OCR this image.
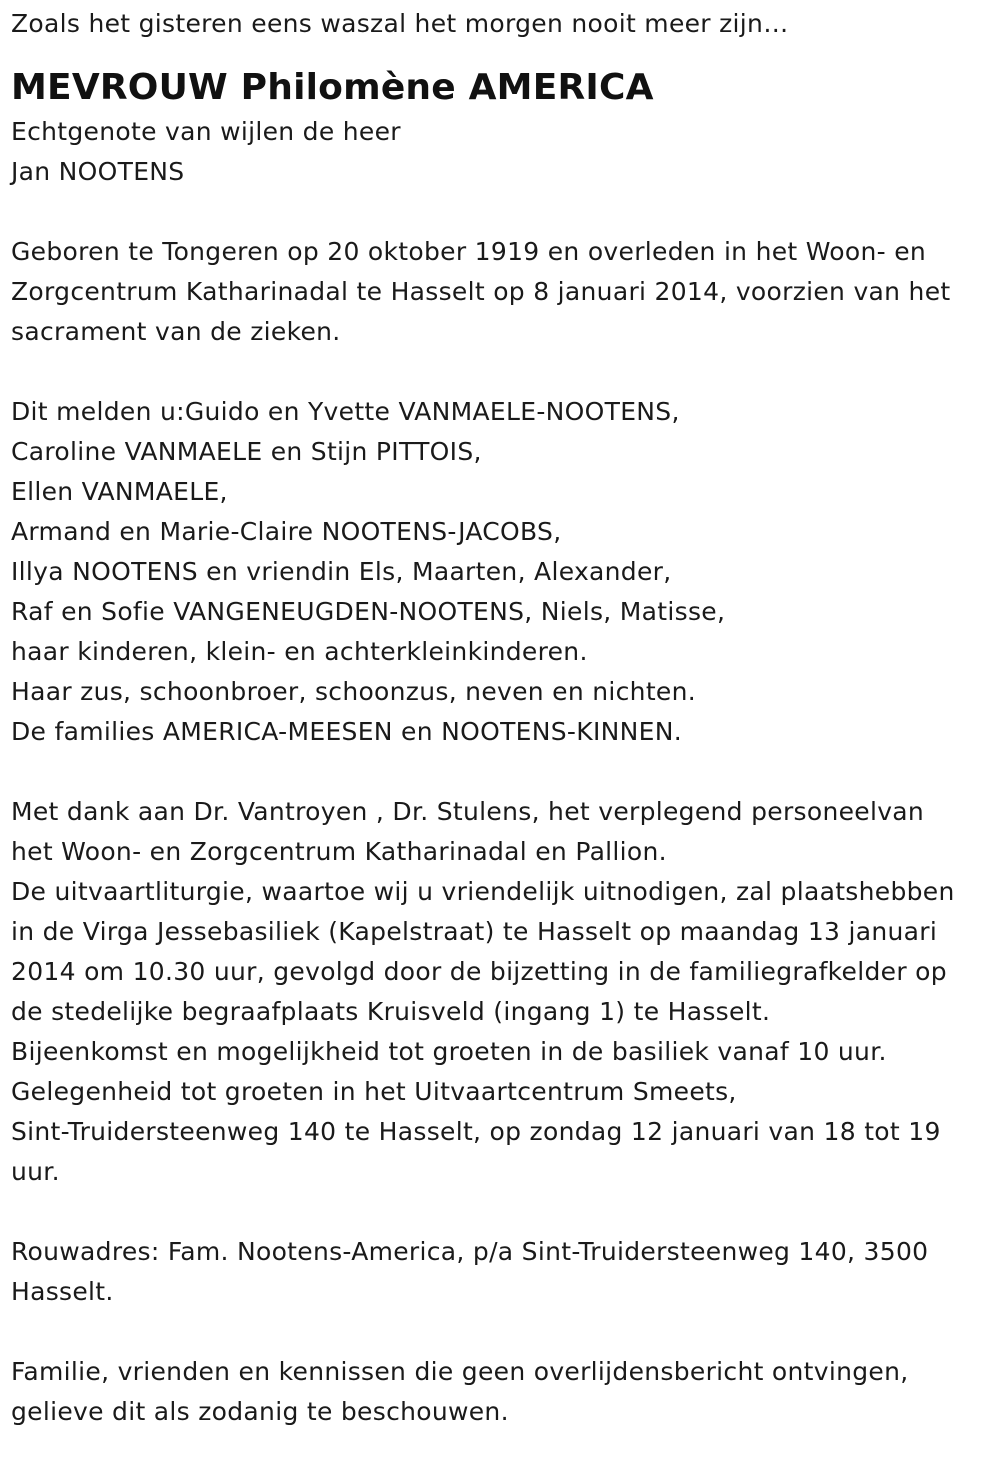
Zoals het gisteren eens waszal het morgen nooit meer zijn…
MEVROUW Philomène AMERICA
Echtgenote van wijlen de heer
Jan NOOTENS
Geboren te Tongeren op 20 oktober 1919 en overleden in het Woon- en
Zorgcentrum Katharinadal te Hasselt op 8 januari 2014, voorzien van het
sacrament van de zieken.
Dit melden u:Guido en Yvette VANMAELE-NOOTENS,
Caroline VANMAELE en Stijn PITTOIS,
Ellen VANMAELE,
Armand en Marie-Claire NOOTENS-JACOBS,
Illya NOOTENS en vriendin Els, Maarten, Alexander,
Raf en Sofie VANGENEUGDEN-NOOTENS, Niels, Matisse,
haar kinderen, klein- en achterkleinkinderen.
Haar zus, schoonbroer, schoonzus, neven en nichten.
De families AMERICA-MEESEN en NOOTENS-KINNEN.
Met dank aan Dr. Vantroyen , Dr. Stulens, het verplegend personeelvan
het Woon- en Zorgcentrum Katharinadal en Pallion.
De uitvaartliturgie, waartoe wij u vriendelijk uitnodigen, zal plaatshebben
in de Virga Jessebasiliek (Kapelstraat) te Hasselt op maandag 13 januari
2014 om 10.30 uur, gevolgd door de bijzetting in de familiegrafkelder op
de stedelijke begraafplaats Kruisveld (ingang 1) te Hasselt.
Bijeenkomst en mogelijkheid tot groeten in de basiliek vanaf 10 uur.
Gelegenheid tot groeten in het Uitvaartcentrum Smeets,
Sint-Truidersteenweg 140 te Hasselt, op zondag 12 januari van 18 tot 19
uur.
Rouwadres: Fam. Nootens-America, p/a Sint-Truidersteenweg 140, 3500
Hasselt.
Familie, vrienden en kennissen die geen overlijdensbericht ontvingen,
gelieve dit als zodanig te beschouwen.
